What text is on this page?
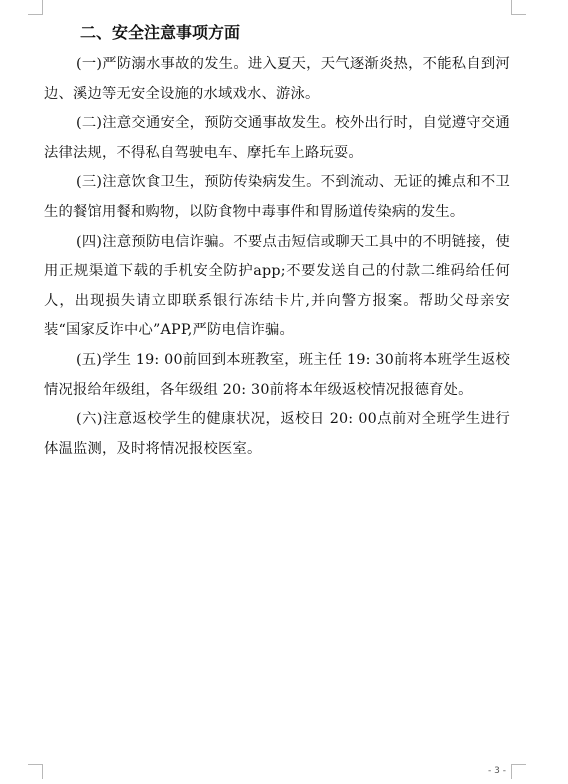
二、安全注意事项方面

(一)严防溺水事故的发生。进入夏天，天气逐渐炎热，不能私自到河边、溪边等无安全设施的水域戏水、游泳。

(二)注意交通安全，预防交通事故发生。校外出行时，自觉遵守交通法律法规，不得私自驾驶电车、摩托车上路玩耍。

(三)注意饮食卫生，预防传染病发生。不到流动、无证的摊点和不卫生的餐馆用餐和购物，以防食物中毒事件和胃肠道传染病的发生。

(四)注意预防电信诈骗。不要点击短信或聊天工具中的不明链接，使用正规渠道下载的手机安全防护app;不要发送自己的付款二维码给任何人，出现损失请立即联系银行冻结卡片,并向警方报案。帮助父母亲安装“国家反诈中心”APP,严防电信诈骗。

(五)学生 19: 00前回到本班教室，班主任 19: 30前将本班学生返校情况报给年级组，各年级组 20: 30前将本年级返校情况报德育处。

(六)注意返校学生的健康状况，返校日 20: 00点前对全班学生进行体温监测，及时将情况报校医室。

- 3 -
